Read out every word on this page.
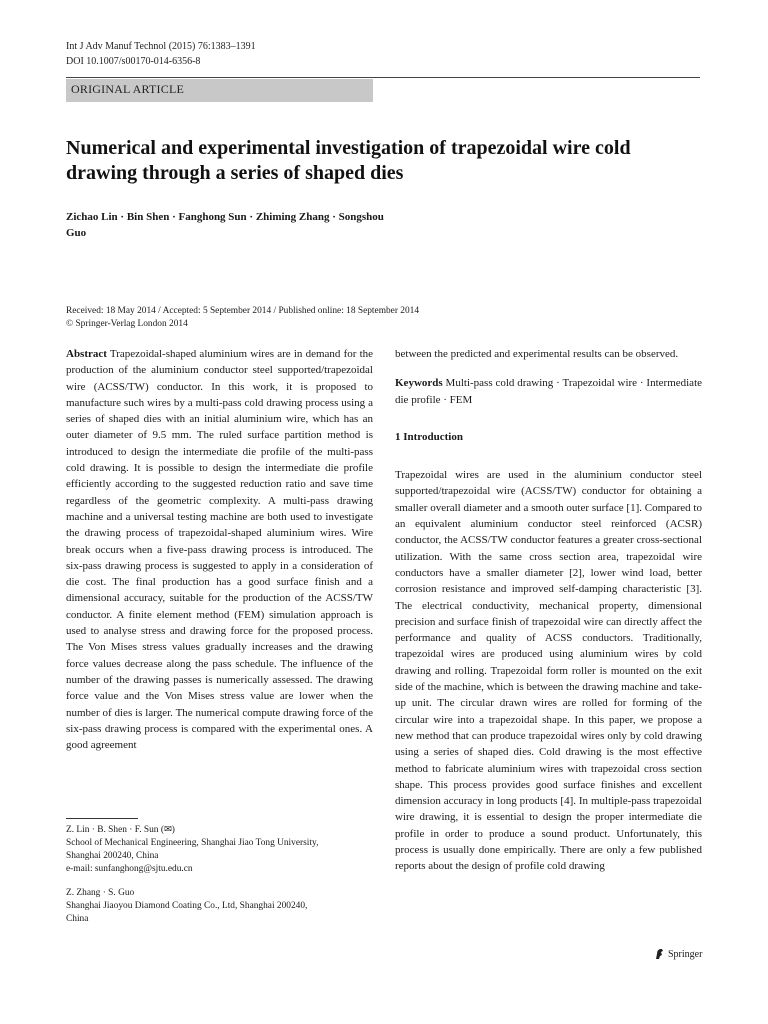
Int J Adv Manuf Technol (2015) 76:1383–1391
DOI 10.1007/s00170-014-6356-8
ORIGINAL ARTICLE
Numerical and experimental investigation of trapezoidal wire cold drawing through a series of shaped dies

Zichao Lin · Bin Shen · Fanghong Sun · Zhiming Zhang · Songshou Guo

Received: 18 May 2014 / Accepted: 5 September 2014 / Published online: 18 September 2014
© Springer-Verlag London 2014

Abstract Trapezoidal-shaped aluminium wires are in demand for the production of the aluminium conductor steel supported/trapezoidal wire (ACSS/TW) conductor. In this work, it is proposed to manufacture such wires by a multi-pass cold drawing process using a series of shaped dies with an initial aluminium wire, which has an outer diameter of 9.5 mm. The ruled surface partition method is introduced to design the intermediate die profile of the multi-pass cold drawing. It is possible to design the intermediate die profile efficiently according to the suggested reduction ratio and save time regardless of the geometric complexity. A multi-pass drawing machine and a universal testing machine are both used to investigate the drawing process of trapezoidal-shaped aluminium wires. Wire break occurs when a five-pass drawing process is introduced. The six-pass drawing process is suggested to apply in a consideration of die cost. The final production has a good surface finish and a dimensional accuracy, suitable for the production of the ACSS/TW conductor. A finite element method (FEM) simulation approach is used to analyse stress and drawing force for the proposed process. The Von Mises stress values gradually increases and the drawing force values decrease along the pass schedule. The influence of the number of the drawing passes is numerically assessed. The drawing force value and the Von Mises stress value are lower when the number of dies is larger. The numerical compute drawing force of the six-pass drawing process is compared with the experimental ones. A good agreement

between the predicted and experimental results can be observed.

Keywords Multi-pass cold drawing · Trapezoidal wire · Intermediate die profile · FEM

1 Introduction

Trapezoidal wires are used in the aluminium conductor steel supported/trapezoidal wire (ACSS/TW) conductor for obtaining a smaller overall diameter and a smooth outer surface [1]. Compared to an equivalent aluminium conductor steel reinforced (ACSR) conductor, the ACSS/TW conductor features a greater cross-sectional utilization. With the same cross section area, trapezoidal wire conductors have a smaller diameter [2], lower wind load, better corrosion resistance and improved self-damping characteristic [3]. The electrical conductivity, mechanical property, dimensional precision and surface finish of trapezoidal wire can directly affect the performance and quality of ACSS conductors. Traditionally, trapezoidal wires are produced using aluminium wires by cold drawing and rolling. Trapezoidal form roller is mounted on the exit side of the machine, which is between the drawing machine and take-up unit. The circular drawn wires are rolled for forming of the circular wire into a trapezoidal shape. In this paper, we propose a new method that can produce trapezoidal wires only by cold drawing using a series of shaped dies. Cold drawing is the most effective method to fabricate aluminium wires with trapezoidal cross section shape. This process provides good surface finishes and excellent dimension accuracy in long products [4]. In multiple-pass trapezoidal wire drawing, it is essential to design the proper intermediate die profile in order to produce a sound product. Unfortunately, this process is usually done empirically. There are only a few published reports about the design of profile cold drawing

Z. Lin · B. Shen · F. Sun (✉)
School of Mechanical Engineering, Shanghai Jiao Tong University,
Shanghai 200240, China
e-mail: sunfanghong@sjtu.edu.cn
Z. Zhang · S. Guo
Shanghai Jiaoyou Diamond Coating Co., Ltd, Shanghai 200240,
China
Springer
